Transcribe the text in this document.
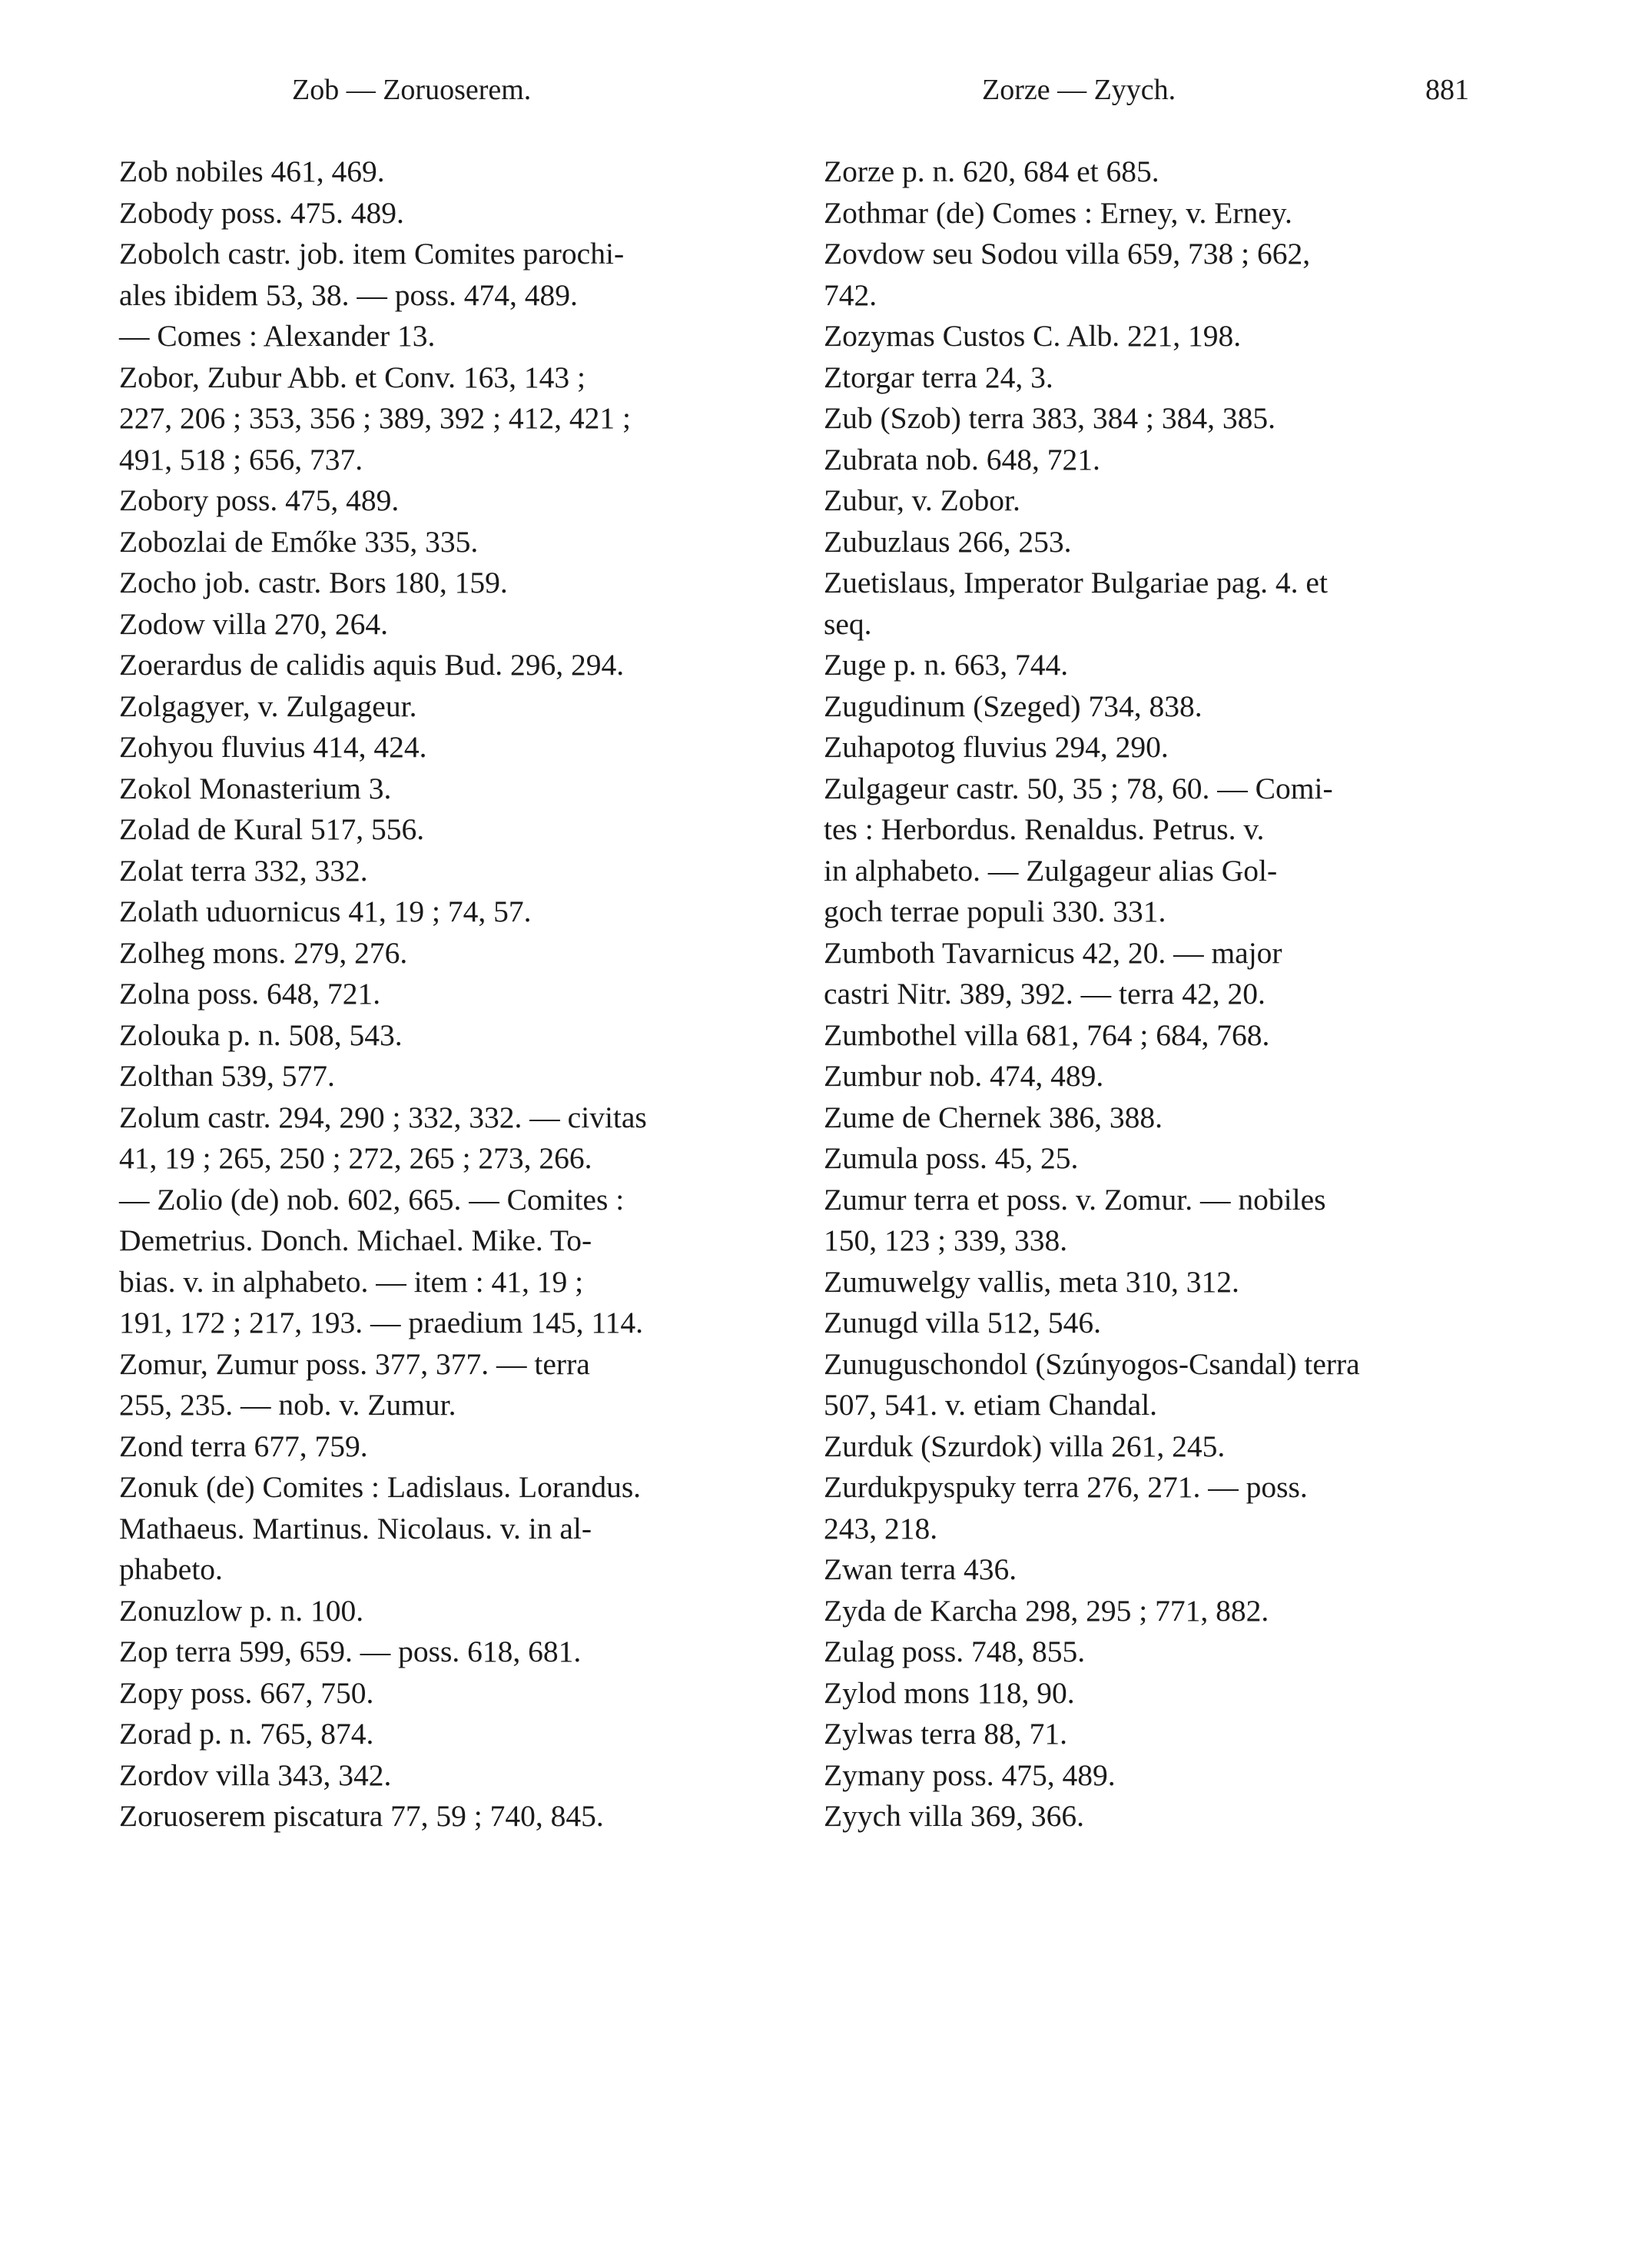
Zob — Zoruoserem.	Zorze — Zyych.	881
Zob nobiles 461, 469.
Zobody poss. 475. 489.
Zobolch castr. job. item Comites parochi-
ales ibidem 53, 38. — poss. 474, 489.
— Comes : Alexander 13.
Zobor, Zubur Abb. et Conv. 163, 143 ;
227, 206 ; 353, 356 ; 389, 392 ; 412, 421 ;
491, 518 ; 656, 737.
Zobory poss. 475, 489.
Zobozlai de Emőke 335, 335.
Zocho job. castr. Bors 180, 159.
Zodow villa 270, 264.
Zoerardus de calidis aquis Bud. 296, 294.
Zolgagyer, v. Zulgageur.
Zohyou fluvius 414, 424.
Zokol Monasterium 3.
Zolad de Kural 517, 556.
Zolat terra 332, 332.
Zolath uduornicus 41, 19 ; 74, 57.
Zolheg mons. 279, 276.
Zolna poss. 648, 721.
Zolouka p. n. 508, 543.
Zolthan 539, 577.
Zolum castr. 294, 290 ; 332, 332. — civitas
41, 19 ; 265, 250 ; 272, 265 ; 273, 266.
— Zolio (de) nob. 602, 665. — Comites :
Demetrius. Donch. Michael. Mike. To-
bias. v. in alphabeto. — item : 41, 19 ;
191, 172 ; 217, 193. — praedium 145, 114.
Zomur, Zumur poss. 377, 377. — terra
255, 235. — nob. v. Zumur.
Zond terra 677, 759.
Zonuk (de) Comites : Ladislaus. Lorandus.
Mathaeus. Martinus. Nicolaus. v. in al-
phabeto.
Zonuzlow p. n. 100.
Zop terra 599, 659. — poss. 618, 681.
Zopy poss. 667, 750.
Zorad p. n. 765, 874.
Zordov villa 343, 342.
Zoruoserem piscatura 77, 59 ; 740, 845.
Zorze p. n. 620, 684 et 685.
Zothmar (de) Comes : Erney, v. Erney.
Zovdow seu Sodou villa 659, 738 ; 662,
742.
Zozymas Custos C. Alb. 221, 198.
Ztorgar terra 24, 3.
Zub (Szob) terra 383, 384 ; 384, 385.
Zubrata nob. 648, 721.
Zubur, v. Zobor.
Zubuzlaus 266, 253.
Zuetislaus, Imperator Bulgariae pag. 4. et
seq.
Zuge p. n. 663, 744.
Zugudinum (Szeged) 734, 838.
Zuhapotog fluvius 294, 290.
Zulgageur castr. 50, 35 ; 78, 60. — Comi-
tes : Herbordus. Renaldus. Petrus. v.
in alphabeto. — Zulgageur alias Gol-
goch terrae populi 330. 331.
Zumboth Tavarnicus 42, 20. — major
castri Nitr. 389, 392. — terra 42, 20.
Zumbothel villa 681, 764 ; 684, 768.
Zumbur nob. 474, 489.
Zume de Chernek 386, 388.
Zumula poss. 45, 25.
Zumur terra et poss. v. Zomur. — nobiles
150, 123 ; 339, 338.
Zumuwelgy vallis, meta 310, 312.
Zunugd villa 512, 546.
Zunuguschondol (Szúnyogos-Csandal) terra
507, 541. v. etiam Chandal.
Zurduk (Szurdok) villa 261, 245.
Zurdukpyspuky terra 276, 271. — poss.
243, 218.
Zwan terra 436.
Zyda de Karcha 298, 295 ; 771, 882.
Zulag poss. 748, 855.
Zylod mons 118, 90.
Zylwas terra 88, 71.
Zymany poss. 475, 489.
Zyych villa 369, 366.
